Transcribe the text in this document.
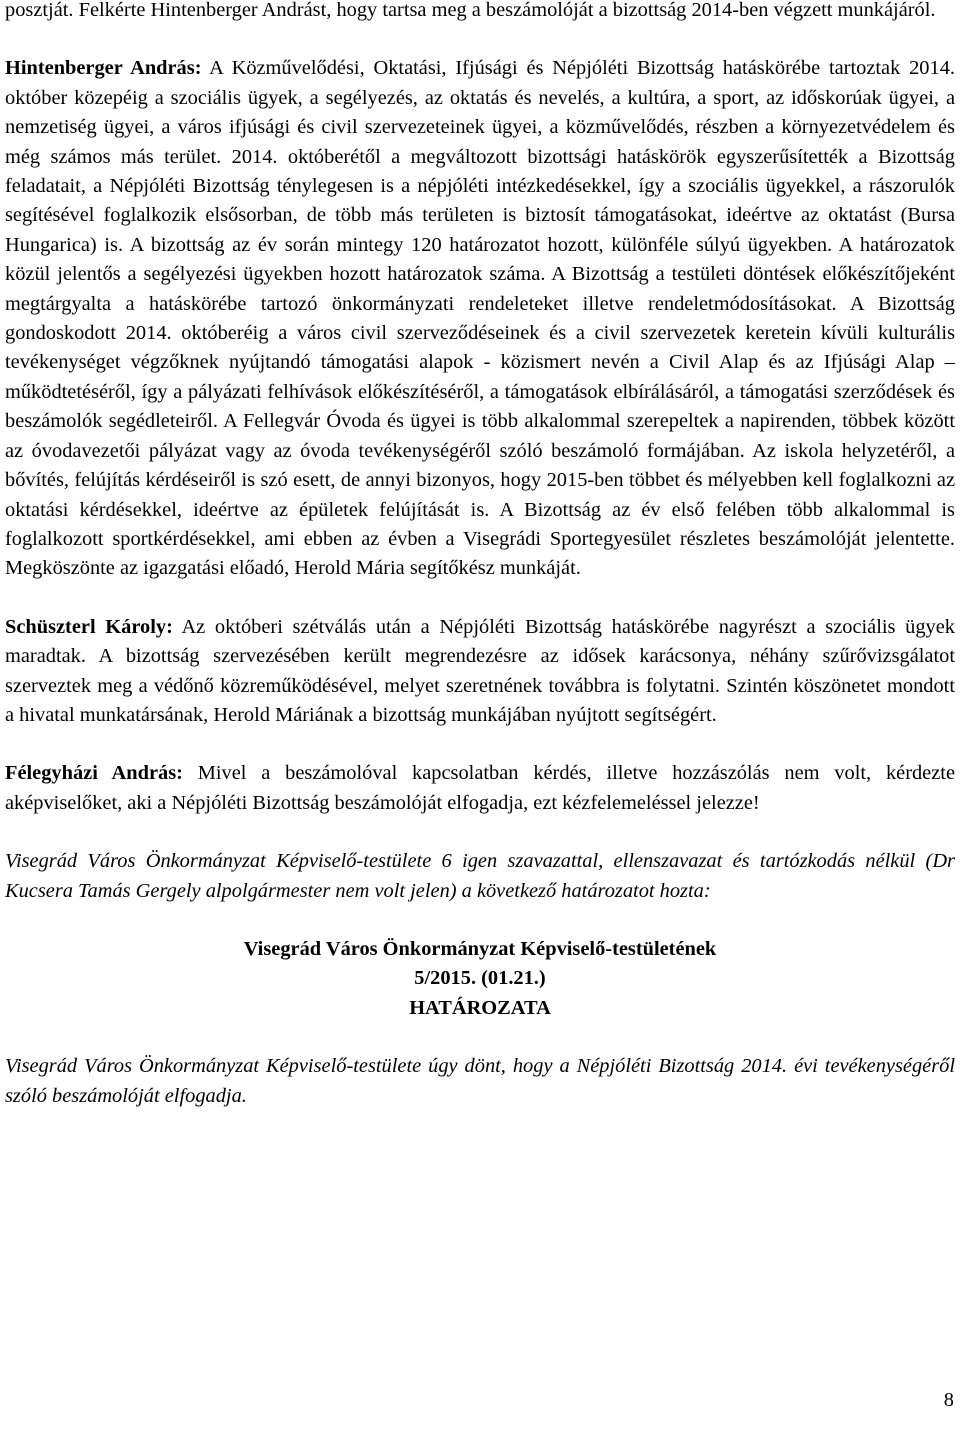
posztját. Felkérte Hintenberger Andrást, hogy tartsa meg a beszámolóját a bizottság 2014-ben végzett munkájáról.

Hintenberger András: A Közművelődési, Oktatási, Ifjúsági és Népjóléti Bizottság hatáskörébe tartoztak 2014. október közepéig a szociális ügyek, a segélyezés, az oktatás és nevelés, a kultúra, a sport, az időskorúak ügyei, a nemzetiség ügyei, a város ifjúsági és civil szervezeteinek ügyei, a közművelődés, részben a környezetvédelem és még számos más terület. 2014. októberétől a megváltozott bizottsági hatáskörök egyszerűsítették a Bizottság feladatait, a Népjóléti Bizottság ténylegesen is a népjóléti intézkedésekkel, így a szociális ügyekkel, a rászorulók segítésével foglalkozik elsősorban, de több más területen is biztosít támogatásokat, ideértve az oktatást (Bursa Hungarica) is. A bizottság az év során mintegy 120 határozatot hozott, különféle súlyú ügyekben. A határozatok közül jelentős a segélyezési ügyekben hozott határozatok száma. A Bizottság a testületi döntések előkészítőjeként megtárgyalta a hatáskörébe tartozó önkormányzati rendeleteket illetve rendeletmódosításokat. A Bizottság gondoskodott 2014. októberéig a város civil szerveződéseinek és a civil szervezetek keretein kívüli kulturális tevékenységet végzőknek nyújtandó támogatási alapok - közismert nevén a Civil Alap és az Ifjúsági Alap – működtetéséről, így a pályázati felhívások előkészítéséről, a támogatások elbírálásáról, a támogatási szerződések és beszámolók segédleteiről. A Fellegvár Óvoda és ügyei is több alkalommal szerepeltek a napirenden, többek között az óvodavezetői pályázat vagy az óvoda tevékenységéről szóló beszámoló formájában. Az iskola helyzetéről, a bővítés, felújítás kérdéseiről is szó esett, de annyi bizonyos, hogy 2015-ben többet és mélyebben kell foglalkozni az oktatási kérdésekkel, ideértve az épületek felújítását is. A Bizottság az év első felében több alkalommal is foglalkozott sportkérdésekkel, ami ebben az évben a Visegrádi Sportegyesület részletes beszámolóját jelentette. Megköszönte az igazgatási előadó, Herold Mária segítőkész munkáját.

Schüszterl Károly: Az októberi szétválás után a Népjóléti Bizottság hatáskörébe nagyrészt a szociális ügyek maradtak. A bizottság szervezésében került megrendezésre az idősek karácsonya, néhány szűrővizsgálatot szerveztek meg a védőnő közreműködésével, melyet szeretnének továbbra is folytatni. Szintén köszönetet mondott a hivatal munkatársának, Herold Máriának a bizottság munkájában nyújtott segítségért.

Félegyházi András: Mivel a beszámolóval kapcsolatban kérdés, illetve hozzászólás nem volt, kérdezte aképviselőket, aki a Népjóléti Bizottság beszámolóját elfogadja, ezt kézfelemeléssel jelezze!

Visegrád Város Önkormányzat Képviselő-testülete 6 igen szavazattal, ellenszavazat és tartózkodás nélkül (Dr Kucsera Tamás Gergely alpolgármester nem volt jelen) a következő határozatot hozta:

Visegrád Város Önkormányzat Képviselő-testületének
5/2015. (01.21.)
HATÁROZATA

Visegrád Város Önkormányzat Képviselő-testülete úgy dönt, hogy a Népjóléti Bizottság 2014. évi tevékenységéről szóló beszámolóját elfogadja.

8
